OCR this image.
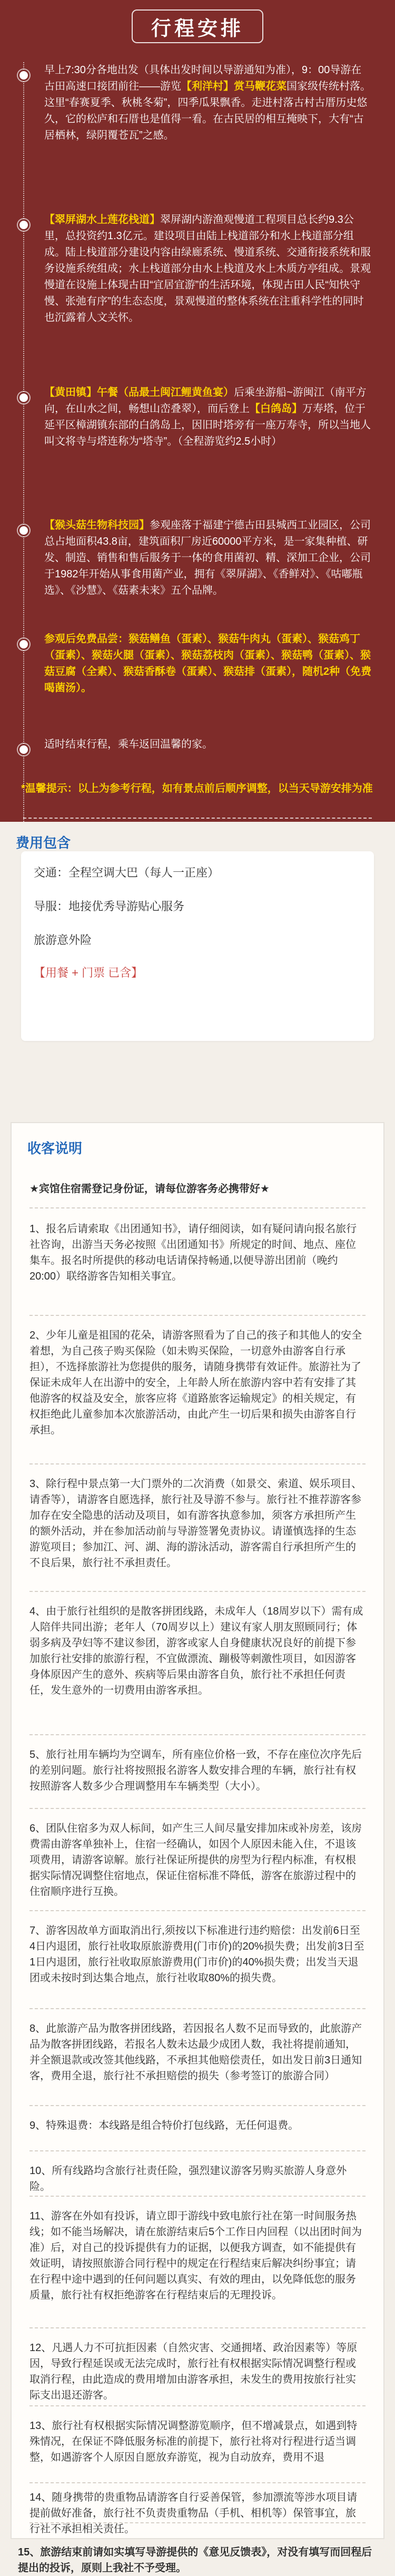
行程安排

早上7:30分各地出发（具体出发时间以导游通知为准），9：00导游在古田高速口接团前往——游览【利洋村】赏马鞭花菜国家级传统村落。这里“春赛夏季、秋桃冬菊”，四季瓜果飘香。走进村落古村古厝历史悠久，它的松庐和石厝也是值得一看。在古民居的相互掩映下，大有“古居栖林，绿阴覆苍瓦”之感。

【翠屏湖水上莲花栈道】翠屏湖内游渔观慢道工程项目总长约9.3公里，总投资约1.3亿元。建设项目由陆上栈道部分和水上栈道部分组成。陆上栈道部分建设内容由绿廊系统、慢道系统、交通衔接系统和服务设施系统组成；水上栈道部分由水上栈道及水上木质方亭组成。景观慢道在设施上体现古田“宜居宜游”的生活环境，体现古田人民“知快守慢、张弛有序”的生态态度，景观慢道的整体系统在注重科学性的同时也沉露着人文关怀。

【黄田镇】午餐（品最土闽江鲤黄鱼宴）后乘坐游船~游闽江（南平方向，在山水之间，畅想山峦叠翠），而后登上【白鸽岛】万寿塔，位于延平区樟湖镇东部的白鸽岛上，因旧时塔旁有一座万寿寺，所以当地人叫文将寺与塔连称为“塔寺”。（全程游览约2.5小时）

【猴头菇生物科技园】参观座落于福建宁德古田县城西工业园区，公司总占地面积43.8亩，建筑面积厂房近60000平方米，是一家集种植、研发、制造、销售和售后服务于一体的食用菌初、精、深加工企业，公司于1982年开始从事食用菌产业，拥有《翠屏湖》、《香鲜对》、《咕嘟瓶选》、《沙慧》、《菇素未来》五个品牌。

参观后免费品尝：猴菇鳝鱼（蛋素）、猴菇牛肉丸（蛋素）、猴菇鸡丁（蛋素）、猴菇火腿（蛋素）、猴菇荔枝肉（蛋素）、猴菇鸭（蛋素）、猴菇豆腐（全素）、猴菇香酥卷（蛋素）、猴菇排（蛋素），随机2种（免费喝菌汤）。

适时结束行程，乘车返回温馨的家。

*温馨提示：以上为参考行程，如有景点前后顺序调整，以当天导游安排为准
费用包含
交通：全程空调大巴（每人一正座）
导服：地接优秀导游贴心服务
旅游意外险
【用餐 + 门票 已含】
收客说明
★宾馆住宿需登记身份证，请每位游客务必携带好★
1、报名后请索取《出团通知书》，请仔细阅读，如有疑问请向报名旅行社咨询，出游当天务必按照《出团通知书》所规定的时间、地点、座位集车。报名时所提供的移动电话请保持畅通,以便导游出团前（晚约20:00）联络游客告知相关事宜。
2、少年儿童是祖国的花朵，请游客照看为了自己的孩子和其他人的安全着想，为自己孩子购买保险（如未购买保险，一切意外由游客自行承担），不选择旅游社为您提供的服务，请随身携带有效证件。旅游社为了保证未成年人在出游中的安全，上年龄人所在旅游内容中若有安排了其他游客的权益及安全，旅客应将《道路旅客运输规定》的相关规定，有权拒绝此儿童参加本次旅游活动，由此产生一切后果和损失由游客自行承担。
3、除行程中景点第一大门票外的二次消费（如景交、索道、娱乐项目、请香等），请游客自愿选择，旅行社及导游不参与。旅行社不推荐游客参加存在安全隐患的活动及项目，如有游客执意参加，须客方承担所产生的额外活动，并在参加活动前与导游签署免责协议。请谨慎选择的生态游览项目；参加江、河、湖、海的游泳活动，游客需自行承担所产生的不良后果，旅行社不承担责任。
4、由于旅行社组织的是散客拼团线路，未成年人（18周岁以下）需有成人陪伴共同出游；老年人（70周岁以上）建议有家人朋友照顾同行；体弱多病及孕妇等不建议参团，游客或家人自身健康状况良好的前提下参加旅行社安排的旅游行程，不宜做漂流、蹦极等刺激性项目，如因游客身体原因产生的意外、疾病等后果由游客自负，旅行社不承担任何责任，发生意外的一切费用由游客承担。
5、旅行社用车辆均为空调车，所有座位价格一致，不存在座位次序先后的差别问题。旅行社将按照报名游客人数安排合理的车辆，旅行社有权按照游客人数多少合理调整用车车辆类型（大小）。
6、团队住宿多为双人标间，如产生三人间尽量安排加床或补房差，该房费需由游客单独补上，住宿一经确认，如因个人原因未能入住，不退该项费用，请游客谅解。旅行社保证所提供的房型为行程内标准，有权根据实际情况调整住宿地点，保证住宿标准不降低，游客在旅游过程中的住宿顺序进行互换。
7、游客因故单方面取消出行,须按以下标准进行违约赔偿：出发前6日至4日内退团，旅行社收取原旅游费用(门市价)的20%损失费；出发前3日至1日内退团，旅行社收取原旅游费用(门市价)的40%损失费；出发当天退团或未按时到达集合地点，旅行社收取80%的损失费。
8、此旅游产品为散客拼团线路，若因报名人数不足而导致的，此旅游产品为散客拼团线路，若报名人数未达最少成团人数，我社将提前通知，并全额退款或改签其他线路，不承担其他赔偿责任，如出发日前3日通知客，费用全退，旅行社不承担赔偿的损失（参考签订的旅游合同）
9、特殊退费：本线路是组合特价打包线路，无任何退费。
10、所有线路均含旅行社责任险，强烈建议游客另购买旅游人身意外险。
11、游客在外如有投诉，请立即于游线中致电旅行社在第一时间服务热线；如不能当场解决，请在旅游结束后5个工作日内回程（以出团时间为准）后，对自己的投诉提供有力的证据，以便我方调查，如不能提供有效证明，请按照旅游合同行程中的规定在行程结束后解决纠纷事宜；请在行程中途中遇到的任何问题以真实、有效的理由，以免降低您的服务质量，旅行社有权拒绝游客在行程结束后的无理投诉。
12、凡遇人力不可抗拒因素（自然灾害、交通拥堵、政治因素等）等原因，导致行程延误或无法完成时，旅行社有权根据实际情况调整行程或取消行程，由此造成的费用增加由游客承担，未发生的费用按旅行社实际支出退还游客。
13、旅行社有权根据实际情况调整游览顺序，但不增减景点，如遇到特殊情况，在保证不降低服务标准的前提下，旅行社将对行程进行适当调整，如遇游客个人原因自愿放弃游览，视为自动放弃，费用不退
14、随身携带的贵重物品请游客自行妥善保管，参加漂流等涉水项目请提前做好准备，旅行社不负责贵重物品（手机、相机等）保管事宜，旅行社不承担相关责任。
15、旅游结束前请如实填写导游提供的《意见反馈表》，对没有填写而回程后提出的投诉，原则上我社不予受理。
